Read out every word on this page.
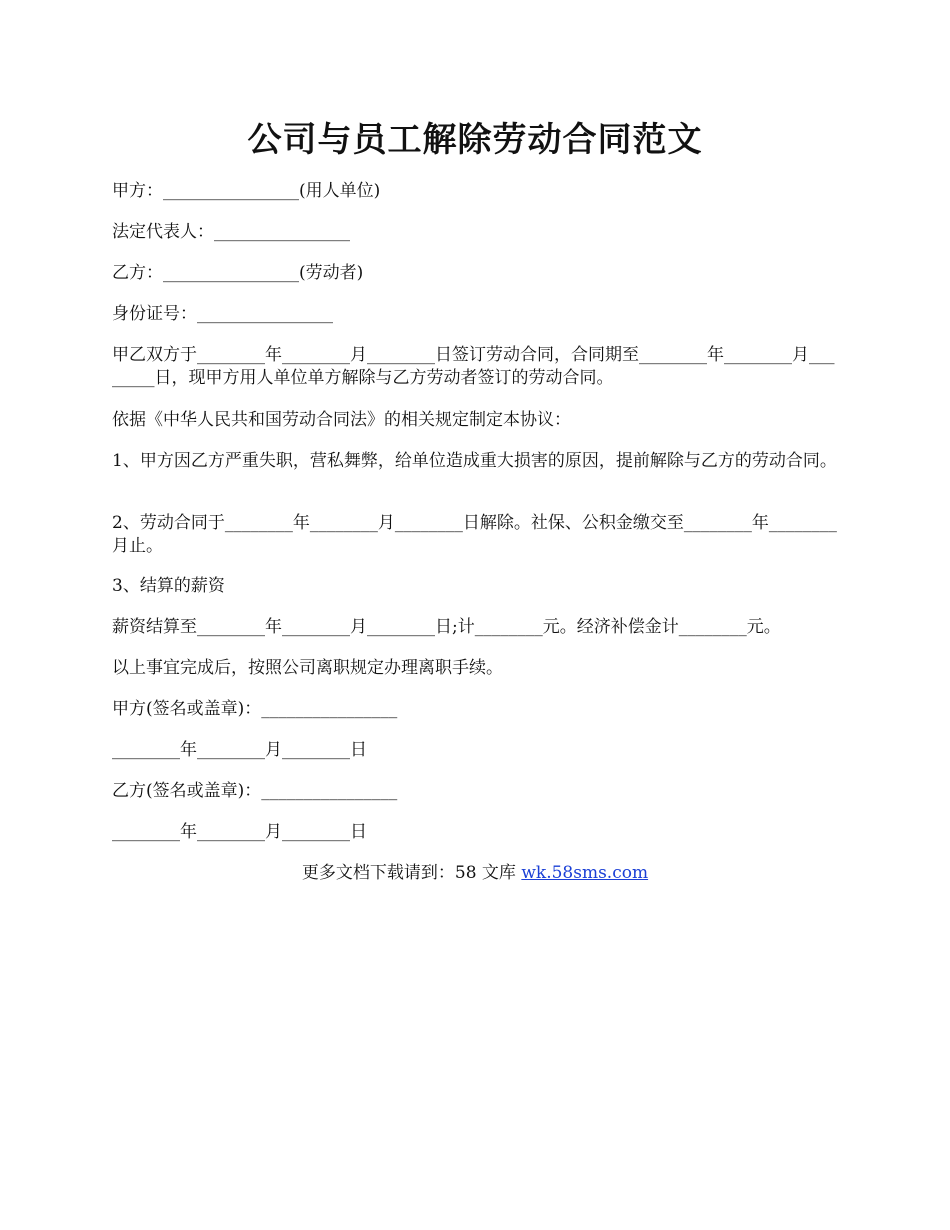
公司与员工解除劳动合同范文

甲方：________________(用人单位)

法定代表人：________________

乙方：________________(劳动者)

身份证号：________________

甲乙双方于________年________月________日签订劳动合同，合同期至________年________月________日，现甲方用人单位单方解除与乙方劳动者签订的劳动合同。

依据《中华人民共和国劳动合同法》的相关规定制定本协议：

1、甲方因乙方严重失职，营私舞弊，给单位造成重大损害的原因，提前解除与乙方的劳动合同。

2、劳动合同于________年________月________日解除。社保、公积金缴交至________年________月止。

3、结算的薪资

薪资结算至________年________月________日;计________元。经济补偿金计________元。

以上事宜完成后，按照公司离职规定办理离职手续。

甲方(签名或盖章)：________________

________年________月________日

乙方(签名或盖章)：________________

________年________月________日

更多文档下载请到：58 文库 wk.58sms.com
